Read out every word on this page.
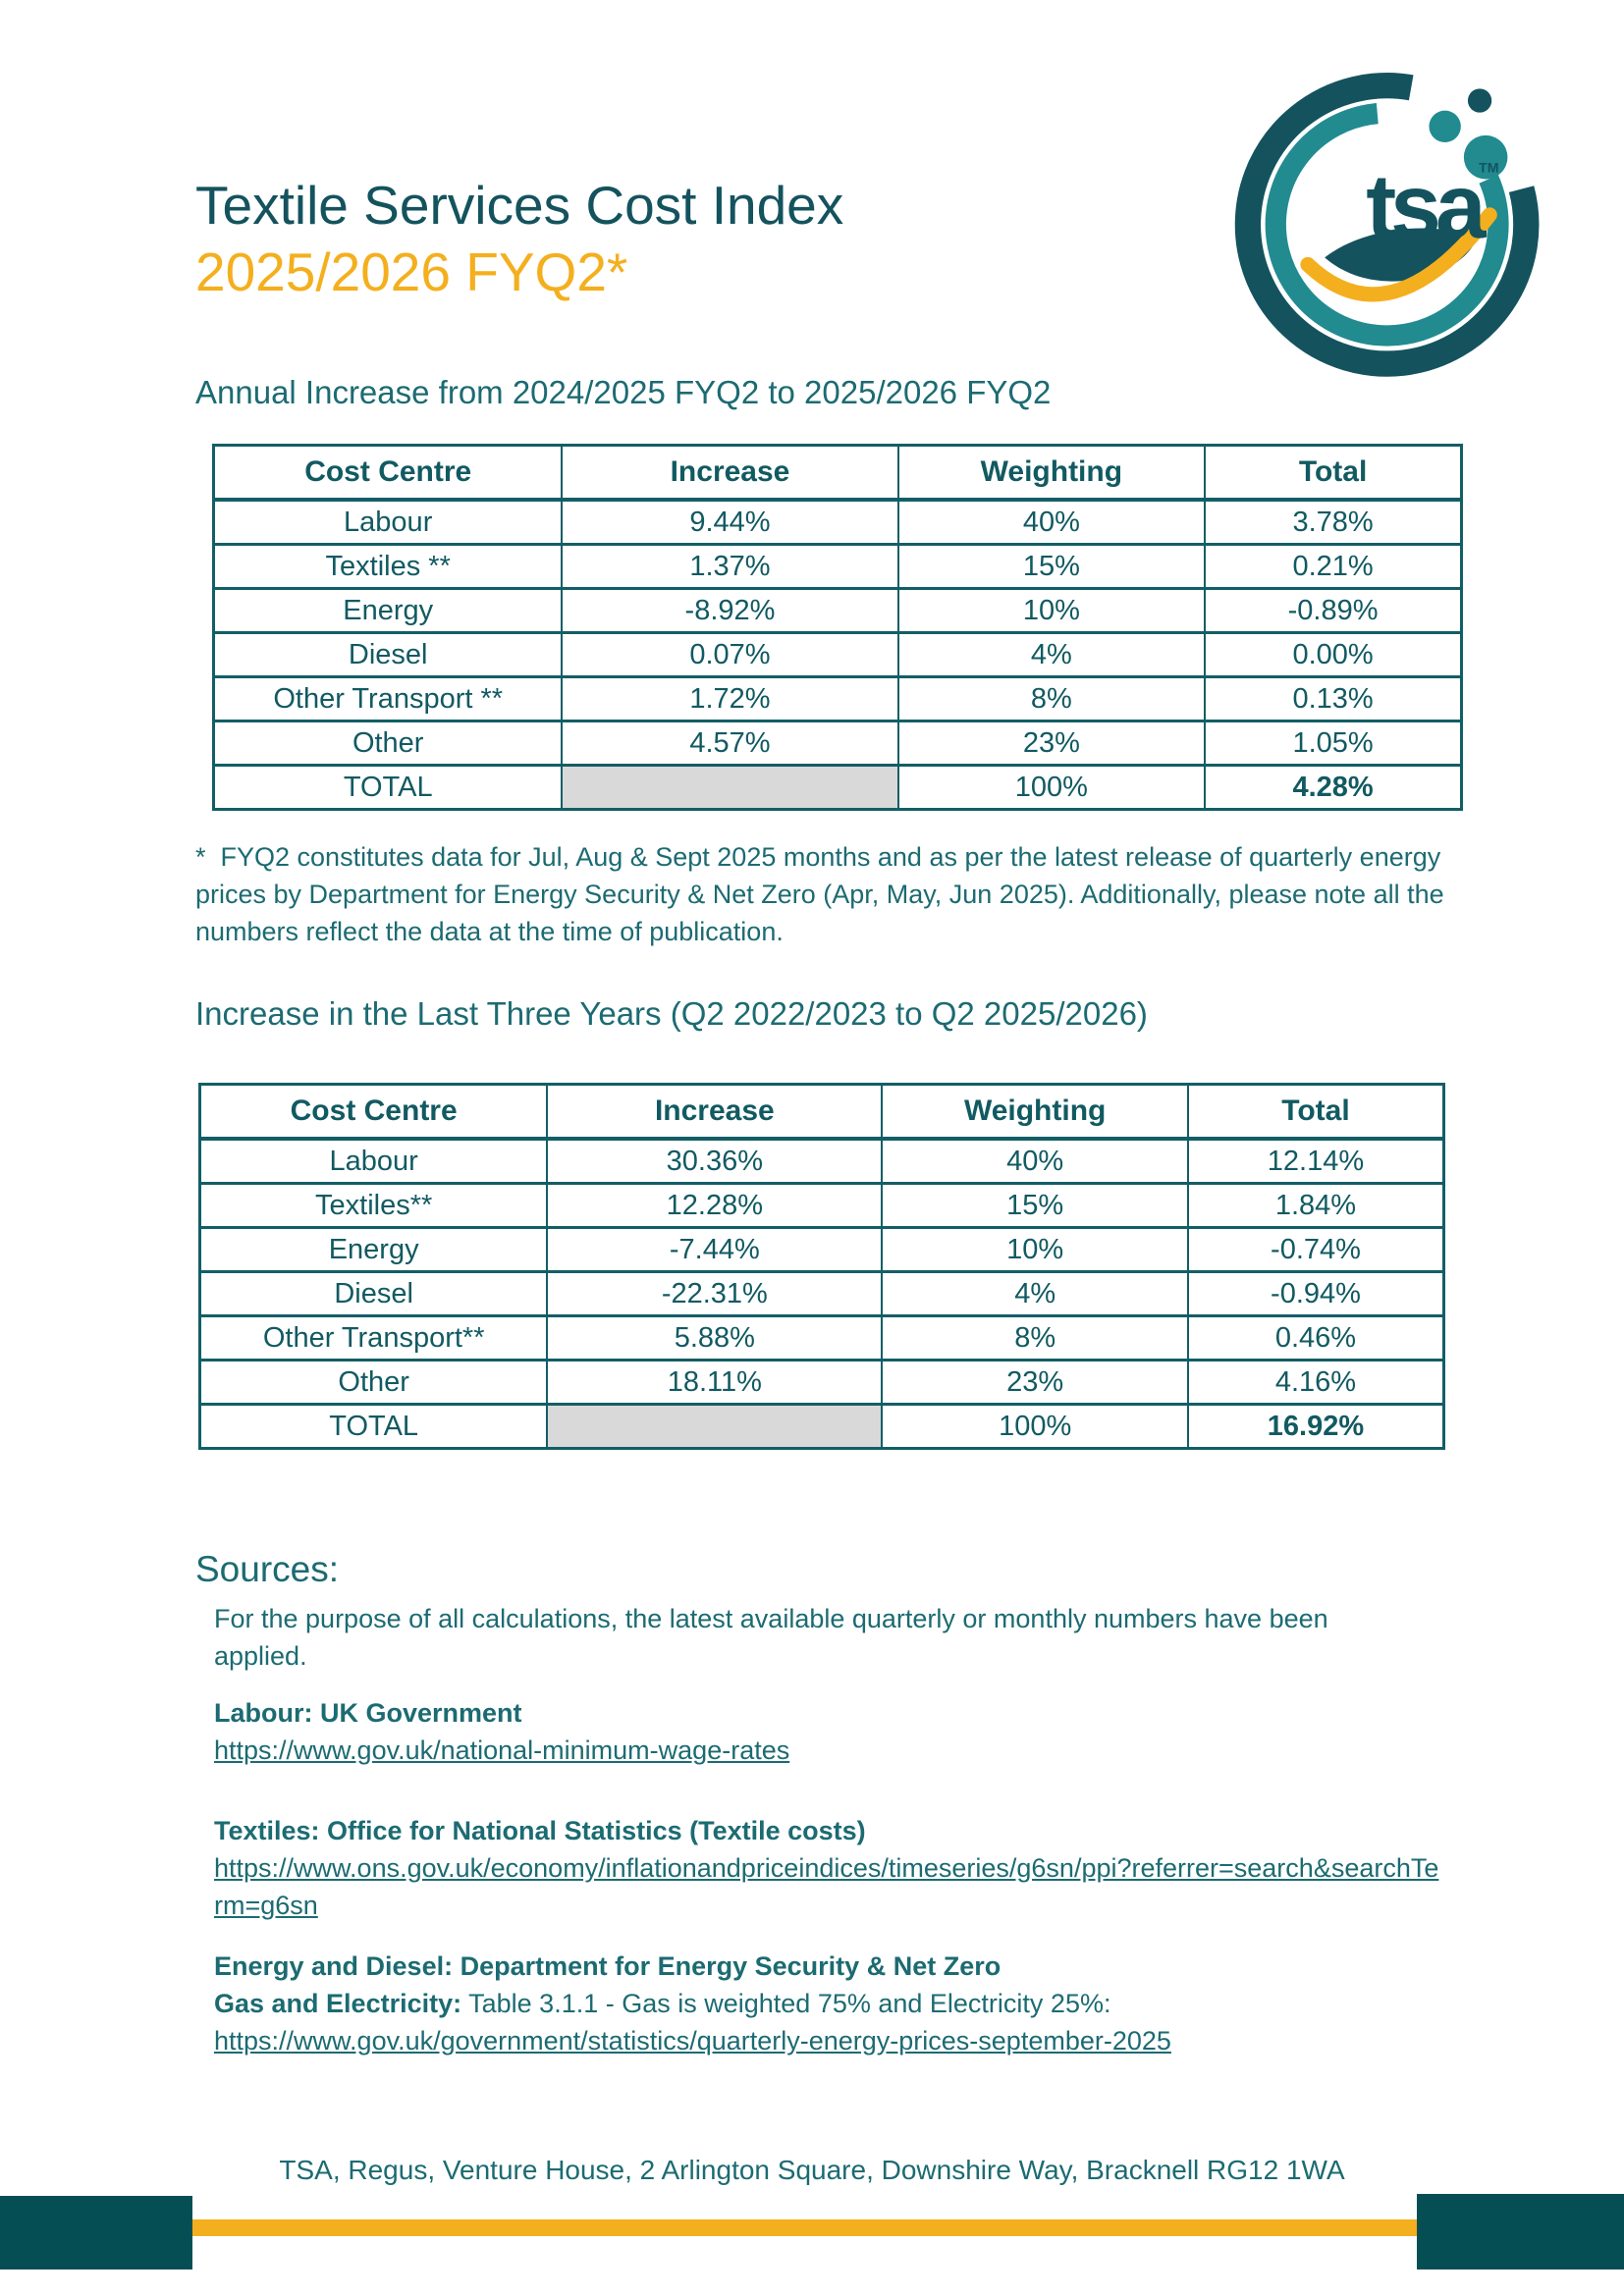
Textile Services Cost Index
2025/2026 FYQ2*
tsa
TM
Annual Increase from 2024/2025 FYQ2 to 2025/2026 FYQ2
Cost Centre	Increase	Weighting	Total
Labour	9.44%	40%	3.78%
Textiles **	1.37%	15%	0.21%
Energy	-8.92%	10%	-0.89%
Diesel	0.07%	4%	0.00%
Other Transport **	1.72%	8%	0.13%
Other	4.57%	23%	1.05%
TOTAL		100%	4.28%
*  FYQ2 constitutes data for Jul, Aug & Sept 2025 months and as per the latest release of quarterly energy prices by Department for Energy Security & Net Zero (Apr, May, Jun 2025). Additionally, please note all the numbers reflect the data at the time of publication.
Increase in the Last Three Years (Q2 2022/2023 to Q2 2025/2026)
Cost Centre	Increase	Weighting	Total
Labour	30.36%	40%	12.14%
Textiles**	12.28%	15%	1.84%
Energy	-7.44%	10%	-0.74%
Diesel	-22.31%	4%	-0.94%
Other Transport**	5.88%	8%	0.46%
Other	18.11%	23%	4.16%
TOTAL		100%	16.92%
Sources:

For the purpose of all calculations, the latest available quarterly or monthly numbers have been applied.

Labour: UK Government
https://www.gov.uk/national-minimum-wage-rates
Textiles: Office for National Statistics (Textile costs)
https://www.ons.gov.uk/economy/inflationandpriceindices/timeseries/g6sn/ppi?referrer=search&searchTerm=g6sn
Energy and Diesel: Department for Energy Security & Net Zero
Gas and Electricity: Table 3.1.1 - Gas is weighted 75% and Electricity 25%:
https://www.gov.uk/government/statistics/quarterly-energy-prices-september-2025
TSA, Regus, Venture House, 2 Arlington Square, Downshire Way, Bracknell RG12 1WA
